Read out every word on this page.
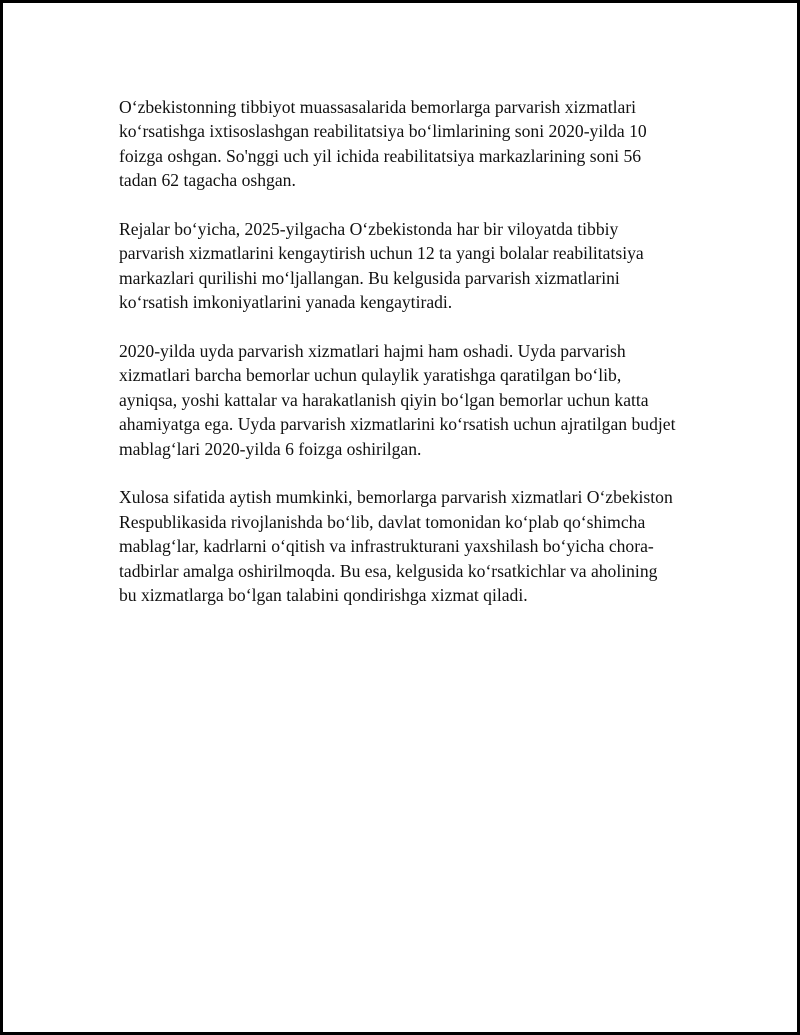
O‘zbekistonning tibbiyot muassasalarida bemorlarga parvarish xizmatlari ko‘rsatishga ixtisoslashgan reabilitatsiya bo‘limlarining soni 2020-yilda 10 foizga oshgan. So'nggi uch yil ichida reabilitatsiya markazlarining soni 56 tadan 62 tagacha oshgan.

Rejalar bo‘yicha, 2025-yilgacha O‘zbekistonda har bir viloyatda tibbiy parvarish xizmatlarini kengaytirish uchun 12 ta yangi bolalar reabilitatsiya markazlari qurilishi mo‘ljallangan. Bu kelgusida parvarish xizmatlarini ko‘rsatish imkoniyatlarini yanada kengaytiradi.

2020-yilda uyda parvarish xizmatlari hajmi ham oshadi. Uyda parvarish xizmatlari barcha bemorlar uchun qulaylik yaratishga qaratilgan bo‘lib, ayniqsa, yoshi kattalar va harakatlanish qiyin bo‘lgan bemorlar uchun katta ahamiyatga ega. Uyda parvarish xizmatlarini ko‘rsatish uchun ajratilgan budjet mablag‘lari 2020-yilda 6 foizga oshirilgan.

Xulosa sifatida aytish mumkinki, bemorlarga parvarish xizmatlari O‘zbekiston Respublikasida rivojlanishda bo‘lib, davlat tomonidan ko‘plab qo‘shimcha mablag‘lar, kadrlarni o‘qitish va infrastrukturani yaxshilash bo‘yicha chora-tadbirlar amalga oshirilmoqda. Bu esa, kelgusida ko‘rsatkichlar va aholining bu xizmatlarga bo‘lgan talabini qondirishga xizmat qiladi.
